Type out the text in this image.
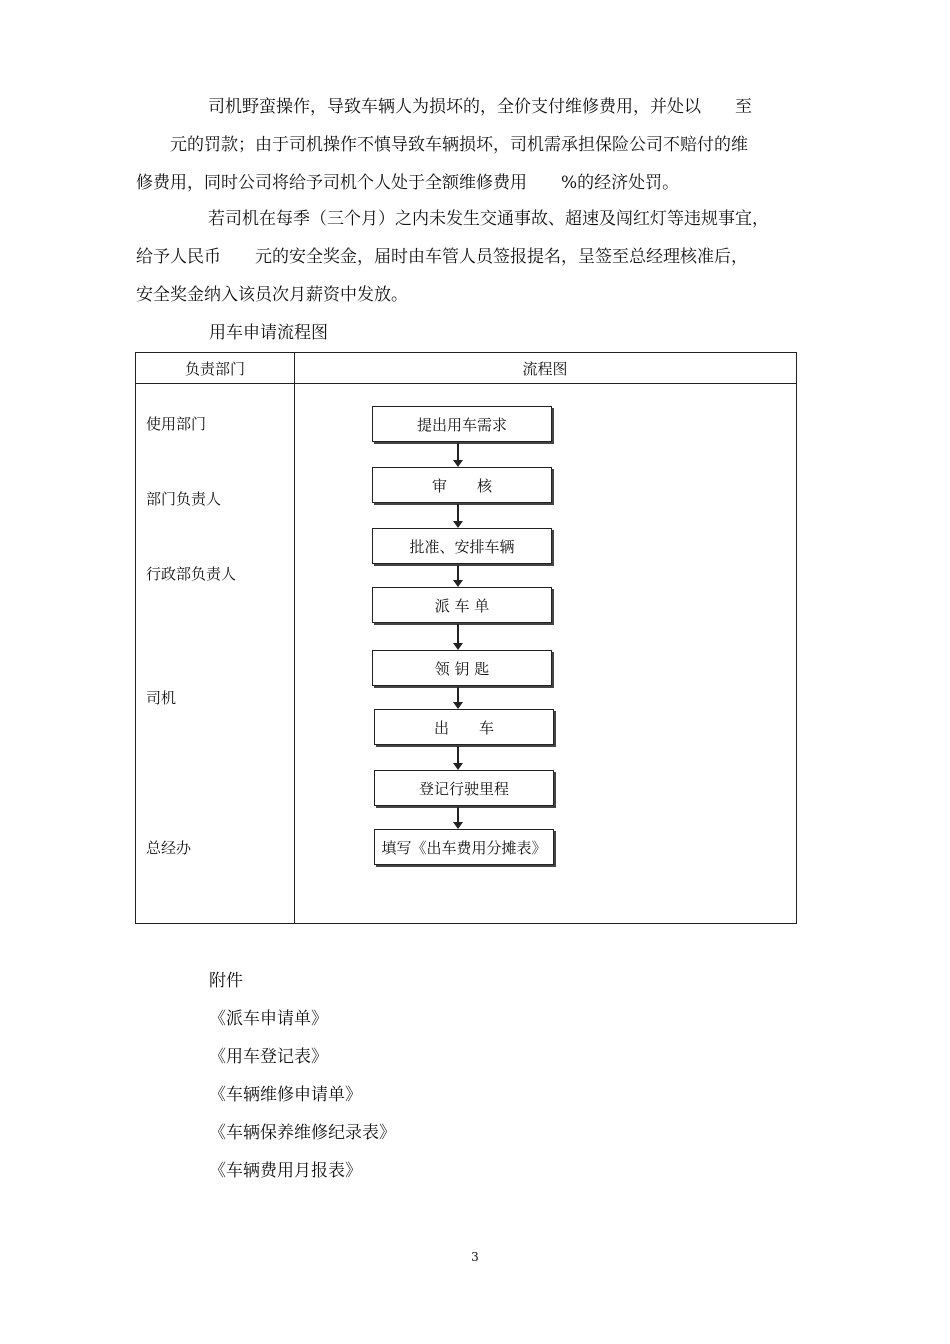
　　司机野蛮操作，导致车辆人为损坏的，全价支付维修费用，并处以　　至
　　元的罚款；由于司机操作不慎导致车辆损坏，司机需承担保险公司不赔付的维
修费用，同时公司将给予司机个人处于全额维修费用　　%的经济处罚。
　　若司机在每季（三个月）之内未发生交通事故、超速及闯红灯等违规事宜，
给予人民币　　元的安全奖金，届时由车管人员签报提名，呈签至总经理核准后，
安全奖金纳入该员次月薪资中发放。
用车申请流程图
负责部门	流程图
使用部门
部门负责人
行政部负责人
司机
总经办
提出用车需求
审　　核
批准、安排车辆
派 车 单
领 钥 匙
出　　车
登记行驶里程
填写《出车费用分摊表》
附件
《派车申请单》
《用车登记表》
《车辆维修申请单》
《车辆保养维修纪录表》
《车辆费用月报表》
3
